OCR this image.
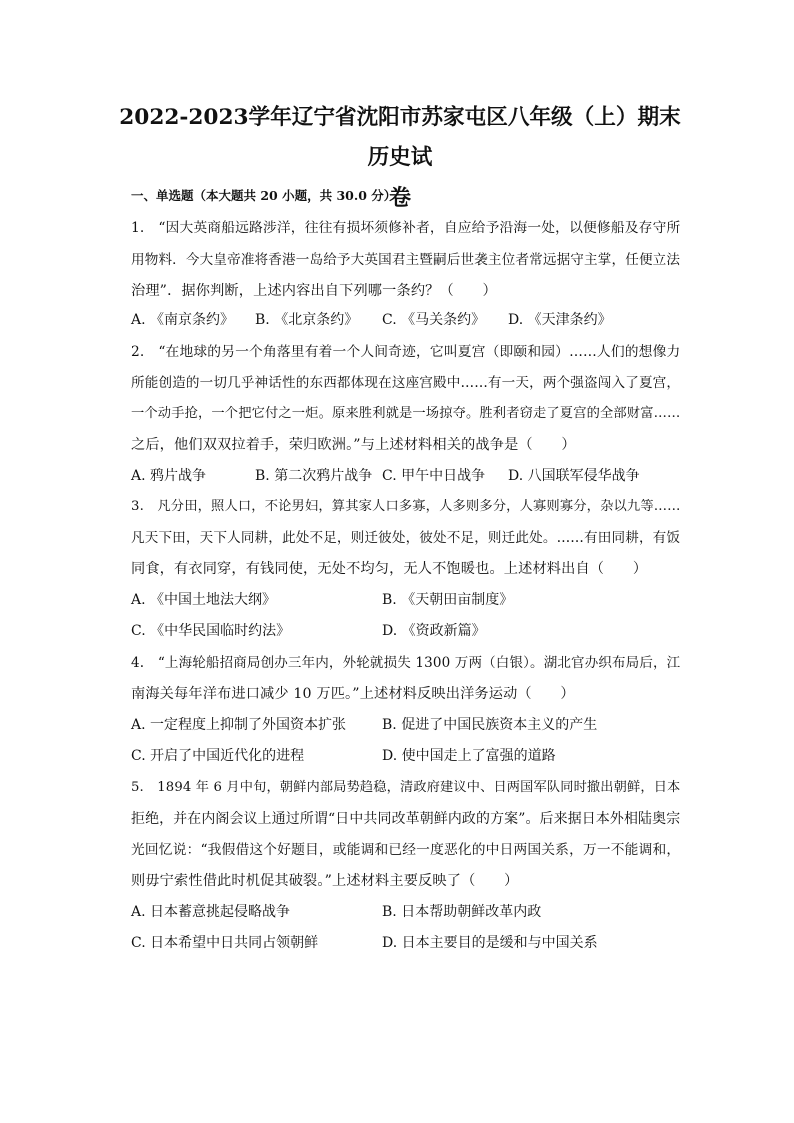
2022-2023学年辽宁省沈阳市苏家屯区八年级（上）期末历史试
卷
一、单选题（本大题共 20 小题，共 30.0 分）
1.　“因大英商船远路涉洋，往往有损坏须修补者，自应给予沿海一处，以便修船及存守所
用物料．今大皇帝准将香港一岛给予大英国君主暨嗣后世袭主位者常远据守主掌，任便立法
治理”．据你判断，上述内容出自下列哪一条约？（　　）
A. 《南京条约》 B. 《北京条约》 C. 《马关条约》 D. 《天津条约》
2.　“在地球的另一个角落里有着一个人间奇迹，它叫夏宫（即颐和园）……人们的想像力
所能创造的一切几乎神话性的东西都体现在这座宫殿中……有一天，两个强盗闯入了夏宫，
一个动手抢，一个把它付之一炬。原来胜利就是一场掠夺。胜利者窃走了夏宫的全部财富……
之后，他们双双拉着手，荣归欧洲。”与上述材料相关的战争是（　　）
A. 鸦片战争	B. 第二次鸦片战争 C. 甲午中日战争 D. 八国联军侵华战争
3.　凡分田，照人口，不论男妇，算其家人口多寡，人多则多分，人寡则寡分，杂以九等……
凡天下田，天下人同耕，此处不足，则迁彼处，彼处不足，则迁此处。……有田同耕，有饭
同食，有衣同穿，有钱同使，无处不均匀，无人不饱暖也。上述材料出自（　　）
A. 《中国土地法大纲》	B. 《天朝田亩制度》
C. 《中华民国临时约法》	D. 《资政新篇》
4.　“上海轮船招商局创办三年内，外轮就损失 1300 万两（白银）。湖北官办织布局后，江
南海关每年洋布进口减少 10 万匹。”上述材料反映出洋务运动（　　）
A. 一定程度上抑制了外国资本扩张	B. 促进了中国民族资本主义的产生
C. 开启了中国近代化的进程	D. 使中国走上了富强的道路
5.　1894 年 6 月中旬，朝鲜内部局势趋稳，清政府建议中、日两国军队同时撤出朝鲜，日本
拒绝，并在内阁会议上通过所谓“日中共同改革朝鲜内政的方案”。后来据日本外相陆奥宗
光回忆说：“我假借这个好题目，或能调和已经一度恶化的中日两国关系，万一不能调和，
则毋宁索性借此时机促其破裂。”上述材料主要反映了（　　）
A. 日本蓄意挑起侵略战争	B. 日本帮助朝鲜改革内政
C. 日本希望中日共同占领朝鲜	D. 日本主要目的是缓和与中国关系
